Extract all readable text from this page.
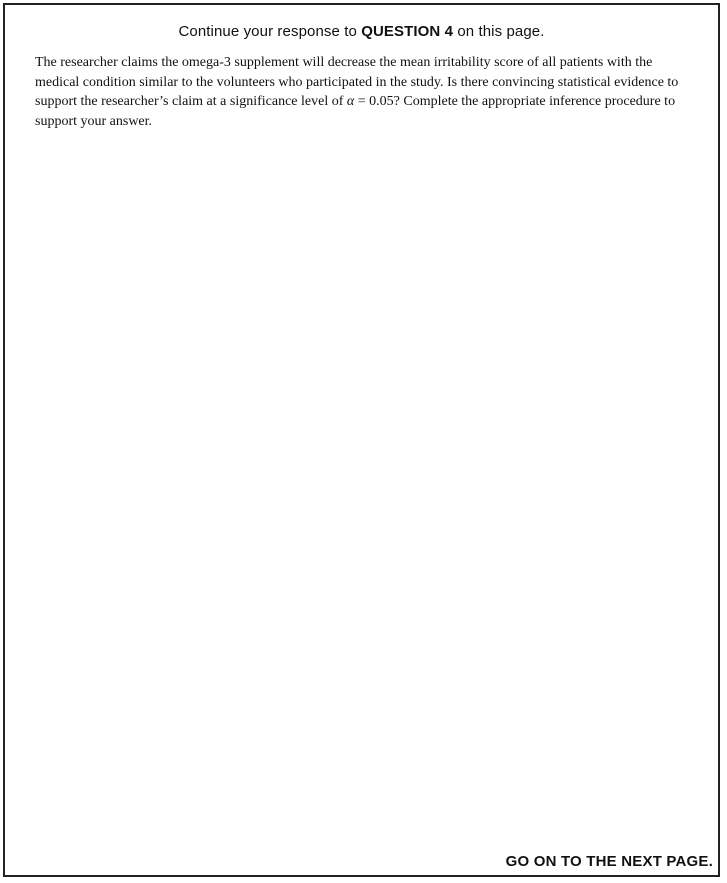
Continue your response to QUESTION 4 on this page.

The researcher claims the omega-3 supplement will decrease the mean irritability score of all patients with the medical condition similar to the volunteers who participated in the study. Is there convincing statistical evidence to support the researcher’s claim at a significance level of α = 0.05? Complete the appropriate inference procedure to support your answer.

GO ON TO THE NEXT PAGE.
